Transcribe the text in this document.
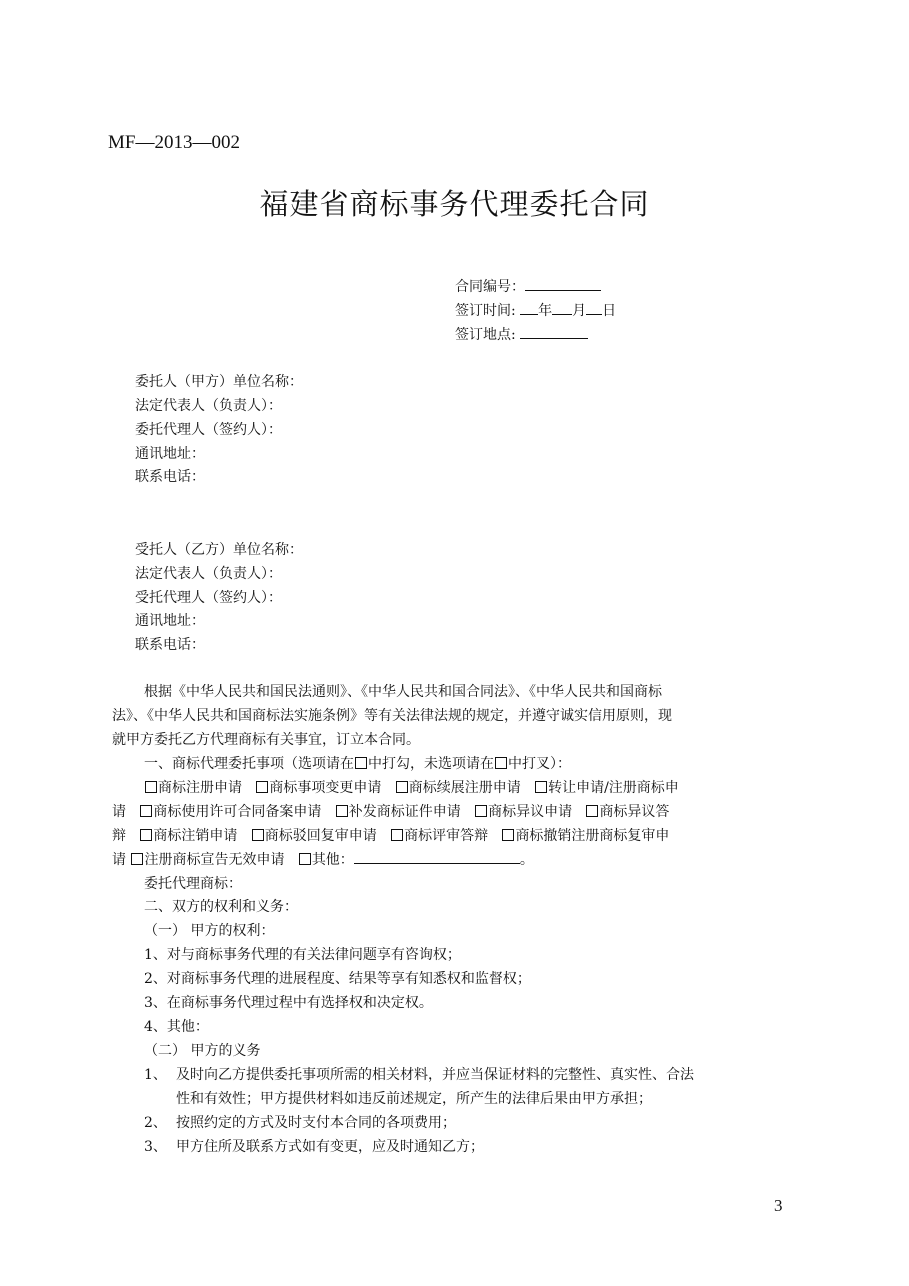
MF—2013—002
福建省商标事务代理委托合同
合同编号：
签订时间: 年 月 日
签订地点:
委托人（甲方）单位名称：
法定代表人（负责人）：
委托代理人（签约人）：
通讯地址：
联系电话：
受托人（乙方）单位名称：
法定代表人（负责人）：
受托代理人（签约人）：
通讯地址：
联系电话：
根据《中华人民共和国民法通则》、《中华人民共和国合同法》、《中华人民共和国商标
法》、《中华人民共和国商标法实施条例》等有关法律法规的规定，并遵守诚实信用原则，现
就甲方委托乙方代理商标有关事宜，订立本合同。
一、商标代理委托事项（选项请在 中打勾，未选项请在 中打叉）：
商标注册申请 商标事项变更申请 商标续展注册申请 转让申请/注册商标申
请 商标使用许可合同备案申请 补发商标证件申请 商标异议申请 商标异议答
辩 商标注销申请 商标驳回复审申请 商标评审答辩 商标撤销注册商标复审申
请 注册商标宣告无效申请 其他：	。
委托代理商标：
二、双方的权利和义务：
（一） 甲方的权利：
1、对与商标事务代理的有关法律问题享有咨询权；
2、对商标事务代理的进展程度、结果等享有知悉权和监督权；
3、在商标事务代理过程中有选择权和决定权。
4、其他：
（二） 甲方的义务
1、 及时向乙方提供委托事项所需的相关材料，并应当保证材料的完整性、真实性、合法
性和有效性；甲方提供材料如违反前述规定，所产生的法律后果由甲方承担；
2、 按照约定的方式及时支付本合同的各项费用；
3、 甲方住所及联系方式如有变更，应及时通知乙方；
3
